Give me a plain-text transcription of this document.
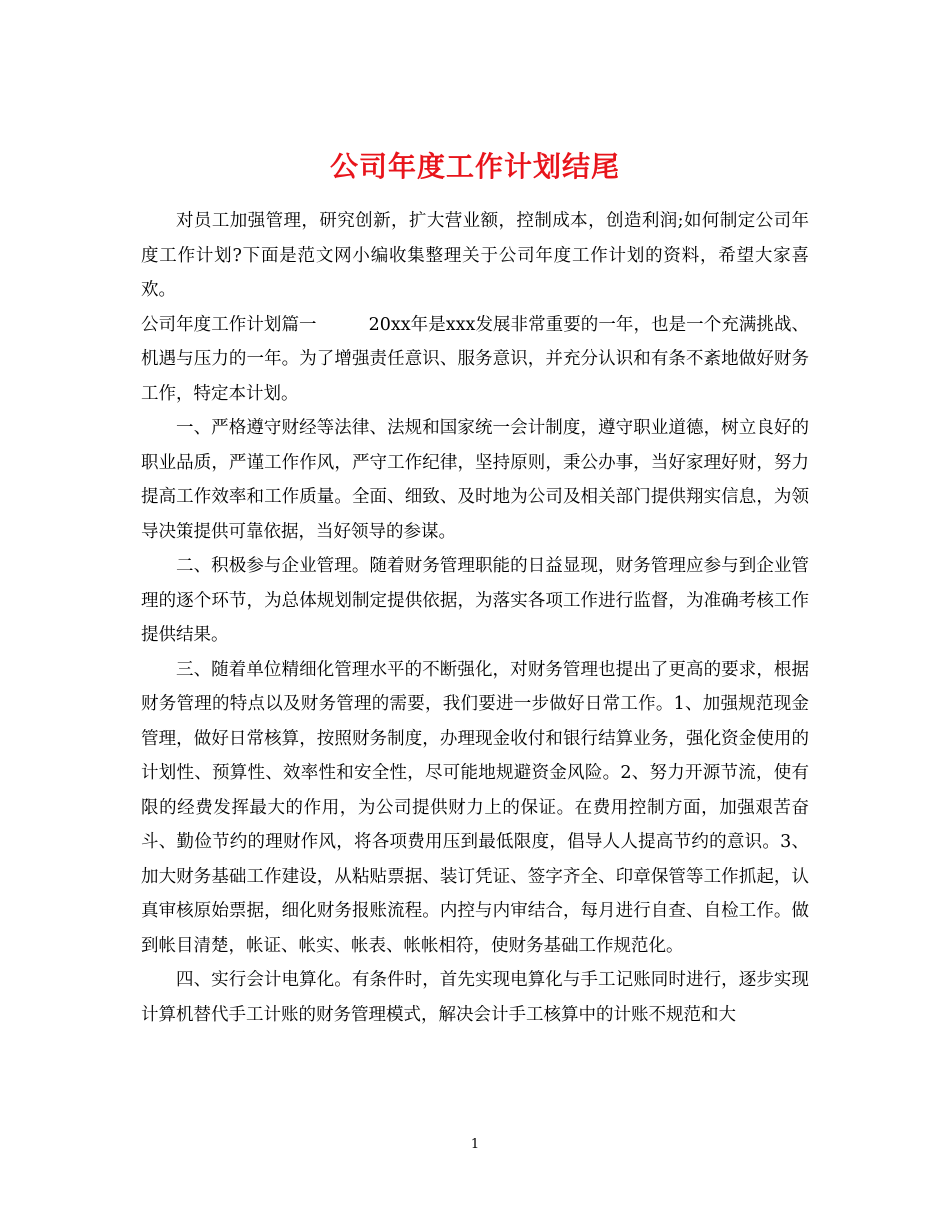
公司年度工作计划结尾

对员工加强管理，研究创新，扩大营业额，控制成本，创造利润;如何制定公司年度工作计划?下面是范文网小编收集整理关于公司年度工作计划的资料，希望大家喜欢。

公司年度工作计划篇一	20xx年是xxx发展非常重要的一年，也是一个充满挑战、机遇与压力的一年。为了增强责任意识、服务意识，并充分认识和有条不紊地做好财务工作，特定本计划。

一、严格遵守财经等法律、法规和国家统一会计制度，遵守职业道德，树立良好的职业品质，严谨工作作风，严守工作纪律，坚持原则，秉公办事，当好家理好财，努力提高工作效率和工作质量。全面、细致、及时地为公司及相关部门提供翔实信息，为领导决策提供可靠依据，当好领导的参谋。

二、积极参与企业管理。随着财务管理职能的日益显现，财务管理应参与到企业管理的逐个环节，为总体规划制定提供依据，为落实各项工作进行监督，为准确考核工作提供结果。

三、随着单位精细化管理水平的不断强化，对财务管理也提出了更高的要求，根据财务管理的特点以及财务管理的需要，我们要进一步做好日常工作。1、加强规范现金管理，做好日常核算，按照财务制度，办理现金收付和银行结算业务，强化资金使用的计划性、预算性、效率性和安全性，尽可能地规避资金风险。2、努力开源节流，使有限的经费发挥最大的作用，为公司提供财力上的保证。在费用控制方面，加强艰苦奋斗、勤俭节约的理财作风，将各项费用压到最低限度，倡导人人提高节约的意识。3、加大财务基础工作建设，从粘贴票据、装订凭证、签字齐全、印章保管等工作抓起，认真审核原始票据，细化财务报账流程。内控与内审结合，每月进行自查、自检工作。做到帐目清楚，帐证、帐实、帐表、帐帐相符，使财务基础工作规范化。

四、实行会计电算化。有条件时，首先实现电算化与手工记账同时进行，逐步实现计算机替代手工计账的财务管理模式，解决会计手工核算中的计账不规范和大

1
